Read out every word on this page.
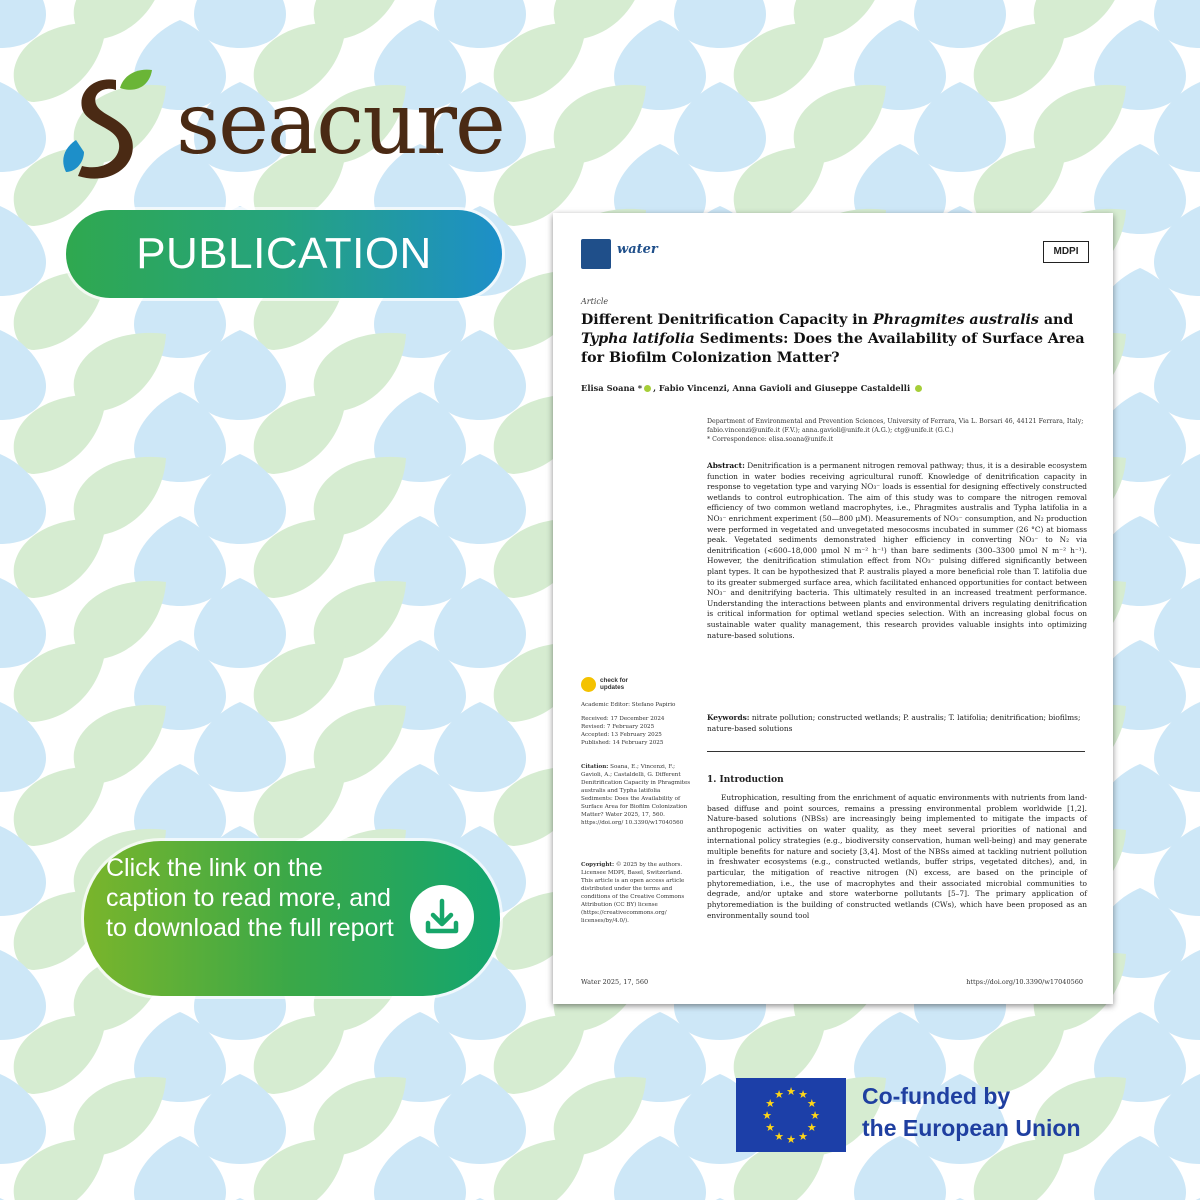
seacure
PUBLICATION	water	MDPI
Article
Different Denitrification Capacity in Phragmites australis and Typha latifolia Sediments: Does the Availability of Surface Area for Biofilm Colonization Matter?
Elisa Soana * , Fabio Vincenzi, Anna Gavioli and Giuseppe Castaldelli
Department of Environmental and Prevention Sciences, University of Ferrara, Via L. Borsari 46, 44121 Ferrara, Italy; fabio.vincenzi@unife.it (F.V.); anna.gavioli@unife.it (A.G.); ctg@unife.it (G.C.)
* Correspondence: elisa.soana@unife.it
Abstract: Denitrification is a permanent nitrogen removal pathway; thus, it is a desirable ecosystem function in water bodies receiving agricultural runoff. Knowledge of denitrification capacity in response to vegetation type and varying NO₃⁻ loads is essential for designing effectively constructed wetlands to control eutrophication. The aim of this study was to compare the nitrogen removal efficiency of two common wetland macrophytes, i.e., Phragmites australis and Typha latifolia in a NO₃⁻ enrichment experiment (50—800 μM). Measurements of NO₃⁻ consumption, and N₂ production were performed in vegetated and unvegetated mesocosms incubated in summer (26 °C) at biomass peak. Vegetated sediments demonstrated higher efficiency in converting NO₃⁻ to N₂ via denitrification (<600–18,000 μmol N m⁻² h⁻¹) than bare sediments (300–3300 μmol N m⁻² h⁻¹). However, the denitrification stimulation effect from NO₃⁻ pulsing differed significantly between plant types. It can be hypothesized that P. australis played a more beneficial role than T. latifolia due to its greater submerged surface area, which facilitated enhanced opportunities for contact between NO₃⁻ and denitrifying bacteria. This ultimately resulted in an increased treatment performance. Understanding the interactions between plants and environmental drivers regulating denitrification is critical information for optimal wetland species selection. With an increasing global focus on sustainable water quality management, this research provides valuable insights into optimizing nature-based solutions.
Keywords: nitrate pollution; constructed wetlands; P. australis; T. latifolia; denitrification; biofilms; nature-based solutions
1. Introduction
Eutrophication, resulting from the enrichment of aquatic environments with nutrients from land-based diffuse and point sources, remains a pressing environmental problem worldwide [1,2]. Nature-based solutions (NBSs) are increasingly being implemented to mitigate the impacts of anthropogenic activities on water quality, as they meet several priorities of national and international policy strategies (e.g., biodiversity conservation, human well-being) and may generate multiple benefits for nature and society [3,4]. Most of the NBSs aimed at tackling nutrient pollution in freshwater ecosystems (e.g., constructed wetlands, buffer strips, vegetated ditches), and, in particular, the mitigation of reactive nitrogen (N) excess, are based on the principle of phytoremediation, i.e., the use of macrophytes and their associated microbial communities to degrade, and/or uptake and store waterborne pollutants [5–7]. The primary application of phytoremediation is the building of constructed wetlands (CWs), which have been proposed as an environmentally sound tool
check for
updates
Academic Editor: Stefano Papirio
Received: 17 December 2024
Revised: 7 February 2025
Accepted: 13 February 2025
Published: 14 February 2025
Citation: Soana, E.; Vincenzi, F.; Gavioli, A.; Castaldelli, G. Different Denitrification Capacity in Phragmites australis and Typha latifolia Sediments: Does the Availability of Surface Area for Biofilm Colonization Matter? Water 2025, 17, 560. https://doi.org/ 10.3390/w17040560
Copyright: © 2025 by the authors. Licensee MDPI, Basel, Switzerland. This article is an open access article distributed under the terms and conditions of the Creative Commons Attribution (CC BY) license (https://creativecommons.org/ licenses/by/4.0/).
Water 2025, 17, 560	https://doi.org/10.3390/w17040560
Click the link on the caption to read more, and to download the full report
★
★
★
★
★
★
★
★
★ ★ ★
★ Co-funded by
the European Union
